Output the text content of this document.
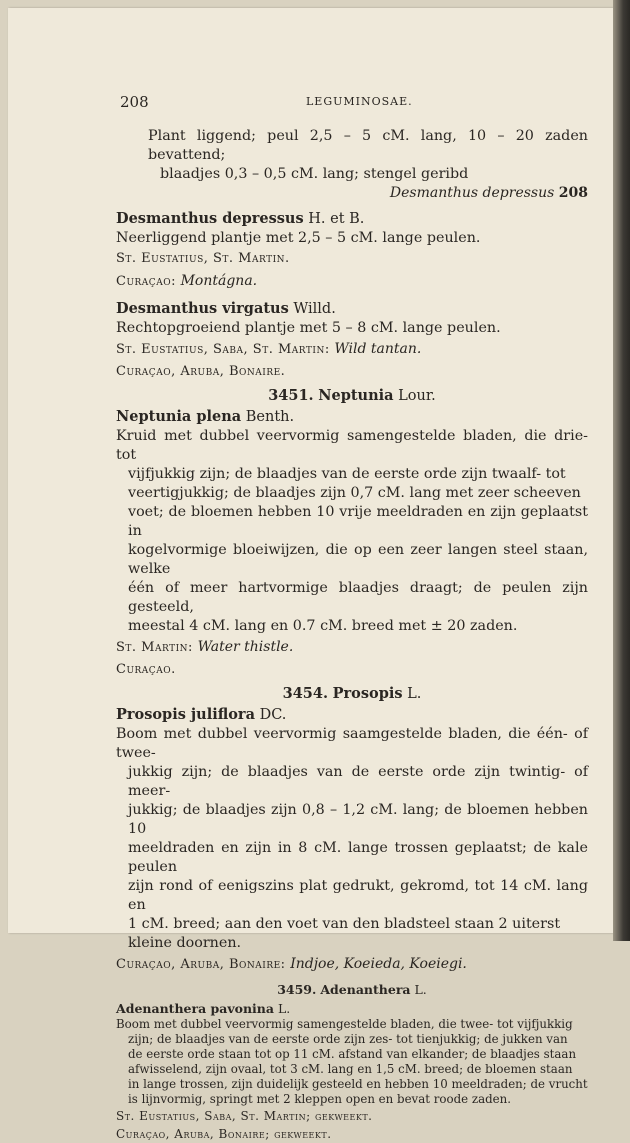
208	LEGUMINOSAE.

Plant liggend; peul 2,5 – 5 cM. lang, 10 – 20 zaden bevattend;

blaadjes 0,3 – 0,5 cM. lang; stengel geribd

Desmanthus depressus 208

Desmanthus depressus H. et B.

Neerliggend plantje met 2,5 – 5 cM. lange peulen.

St. Eustatius, St. Martin.

Curaçao: Montágna.

Desmanthus virgatus Willd.

Rechtopgroeiend plantje met 5 – 8 cM. lange peulen.

St. Eustatius, Saba, St. Martin: Wild tantan.

Curaçao, Aruba, Bonaire.

3451. Neptunia Lour.

Neptunia plena Benth.

Kruid met dubbel veervormig samengestelde bladen, die drie- tot

vijfjukkig zijn; de blaadjes van de eerste orde zijn twaalf- tot

veertigjukkig; de blaadjes zijn 0,7 cM. lang met zeer scheeven

voet; de bloemen hebben 10 vrije meeldraden en zijn geplaatst in

kogelvormige bloeiwijzen, die op een zeer langen steel staan, welke

één of meer hartvormige blaadjes draagt; de peulen zijn gesteeld,

meestal 4 cM. lang en 0.7 cM. breed met ± 20 zaden.

St. Martin: Water thistle.

Curaçao.

3454. Prosopis L.

Prosopis juliflora DC.

Boom met dubbel veervormig saamgestelde bladen, die één- of twee-

jukkig zijn; de blaadjes van de eerste orde zijn twintig- of meer-

jukkig; de blaadjes zijn 0,8 – 1,2 cM. lang; de bloemen hebben 10

meeldraden en zijn in 8 cM. lange trossen geplaatst; de kale peulen

zijn rond of eenigszins plat gedrukt, gekromd, tot 14 cM. lang en

1 cM. breed; aan den voet van den bladsteel staan 2 uiterst

kleine doornen.

Curaçao, Aruba, Bonaire: Indjoe, Koeieda, Koeiegi.

3459. Adenanthera L.

Adenanthera pavonina L.

Boom met dubbel veervormig samengestelde bladen, die twee- tot vijfjukkig

zijn; de blaadjes van de eerste orde zijn zes- tot tienjukkig; de jukken van

de eerste orde staan tot op 11 cM. afstand van elkander; de blaadjes staan

afwisselend, zijn ovaal, tot 3 cM. lang en 1,5 cM. breed; de bloemen staan

in lange trossen, zijn duidelijk gesteeld en hebben 10 meeldraden; de vrucht

is lijnvormig, springt met 2 kleppen open en bevat roode zaden.

St. Eustatius, Saba, St. Martin; gekweekt.

Curaçao, Aruba, Bonaire; gekweekt.
